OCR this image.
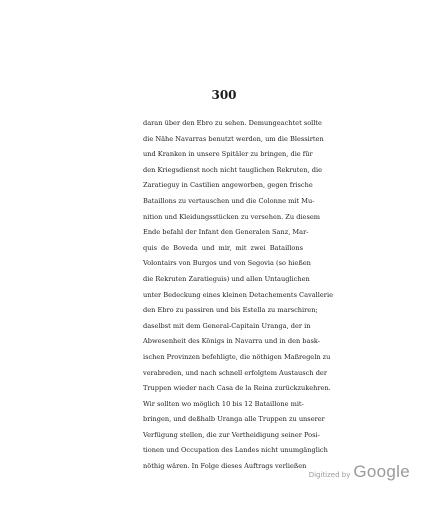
300

daran über den Ebro zu sehen. Demungeachtet sollte
die Nähe Navarras benutzt werden, um die Blessirten
und Kranken in unsere Spitäler zu bringen, die für
den Kriegsdienst noch nicht tauglichen Rekruten, die
Zaratieguy in Castilien angeworben, gegen frische
Bataillons zu vertauschen und die Colonne mit Mu-
nition und Kleidungsstücken zu versehen. Zu diesem
Ende befahl der Infant den Generalen Sanz, Mar-
quis de Boveda und mir, mit zwei Bataillons
Volontairs von Burgos und von Segovia (so hießen
die Rekruten Zaratieguis) und allen Untauglichen
unter Bedeckung eines kleinen Detachements Cavallerie
den Ebro zu passiren und bis Estella zu marschiren;
daselbst mit dem General-Capitain Uranga, der in
Abwesenheit des Königs in Navarra und in den bask-
ischen Provinzen befehligte, die nöthigen Maßregeln zu
verabreden, und nach schnell erfolgtem Austausch der
Truppen wieder nach Casa de la Reina zurückzukehren.
Wir sollten wo möglich 10 bis 12 Bataillone mit-
bringen, und deßhalb Uranga alle Truppen zu unserer
Verfügung stellen, die zur Vertheidigung seiner Posi-
tionen und Occupation des Landes nicht unumgänglich
nöthig wären. In Folge dieses Auftrags verließen
Digitized by Google
